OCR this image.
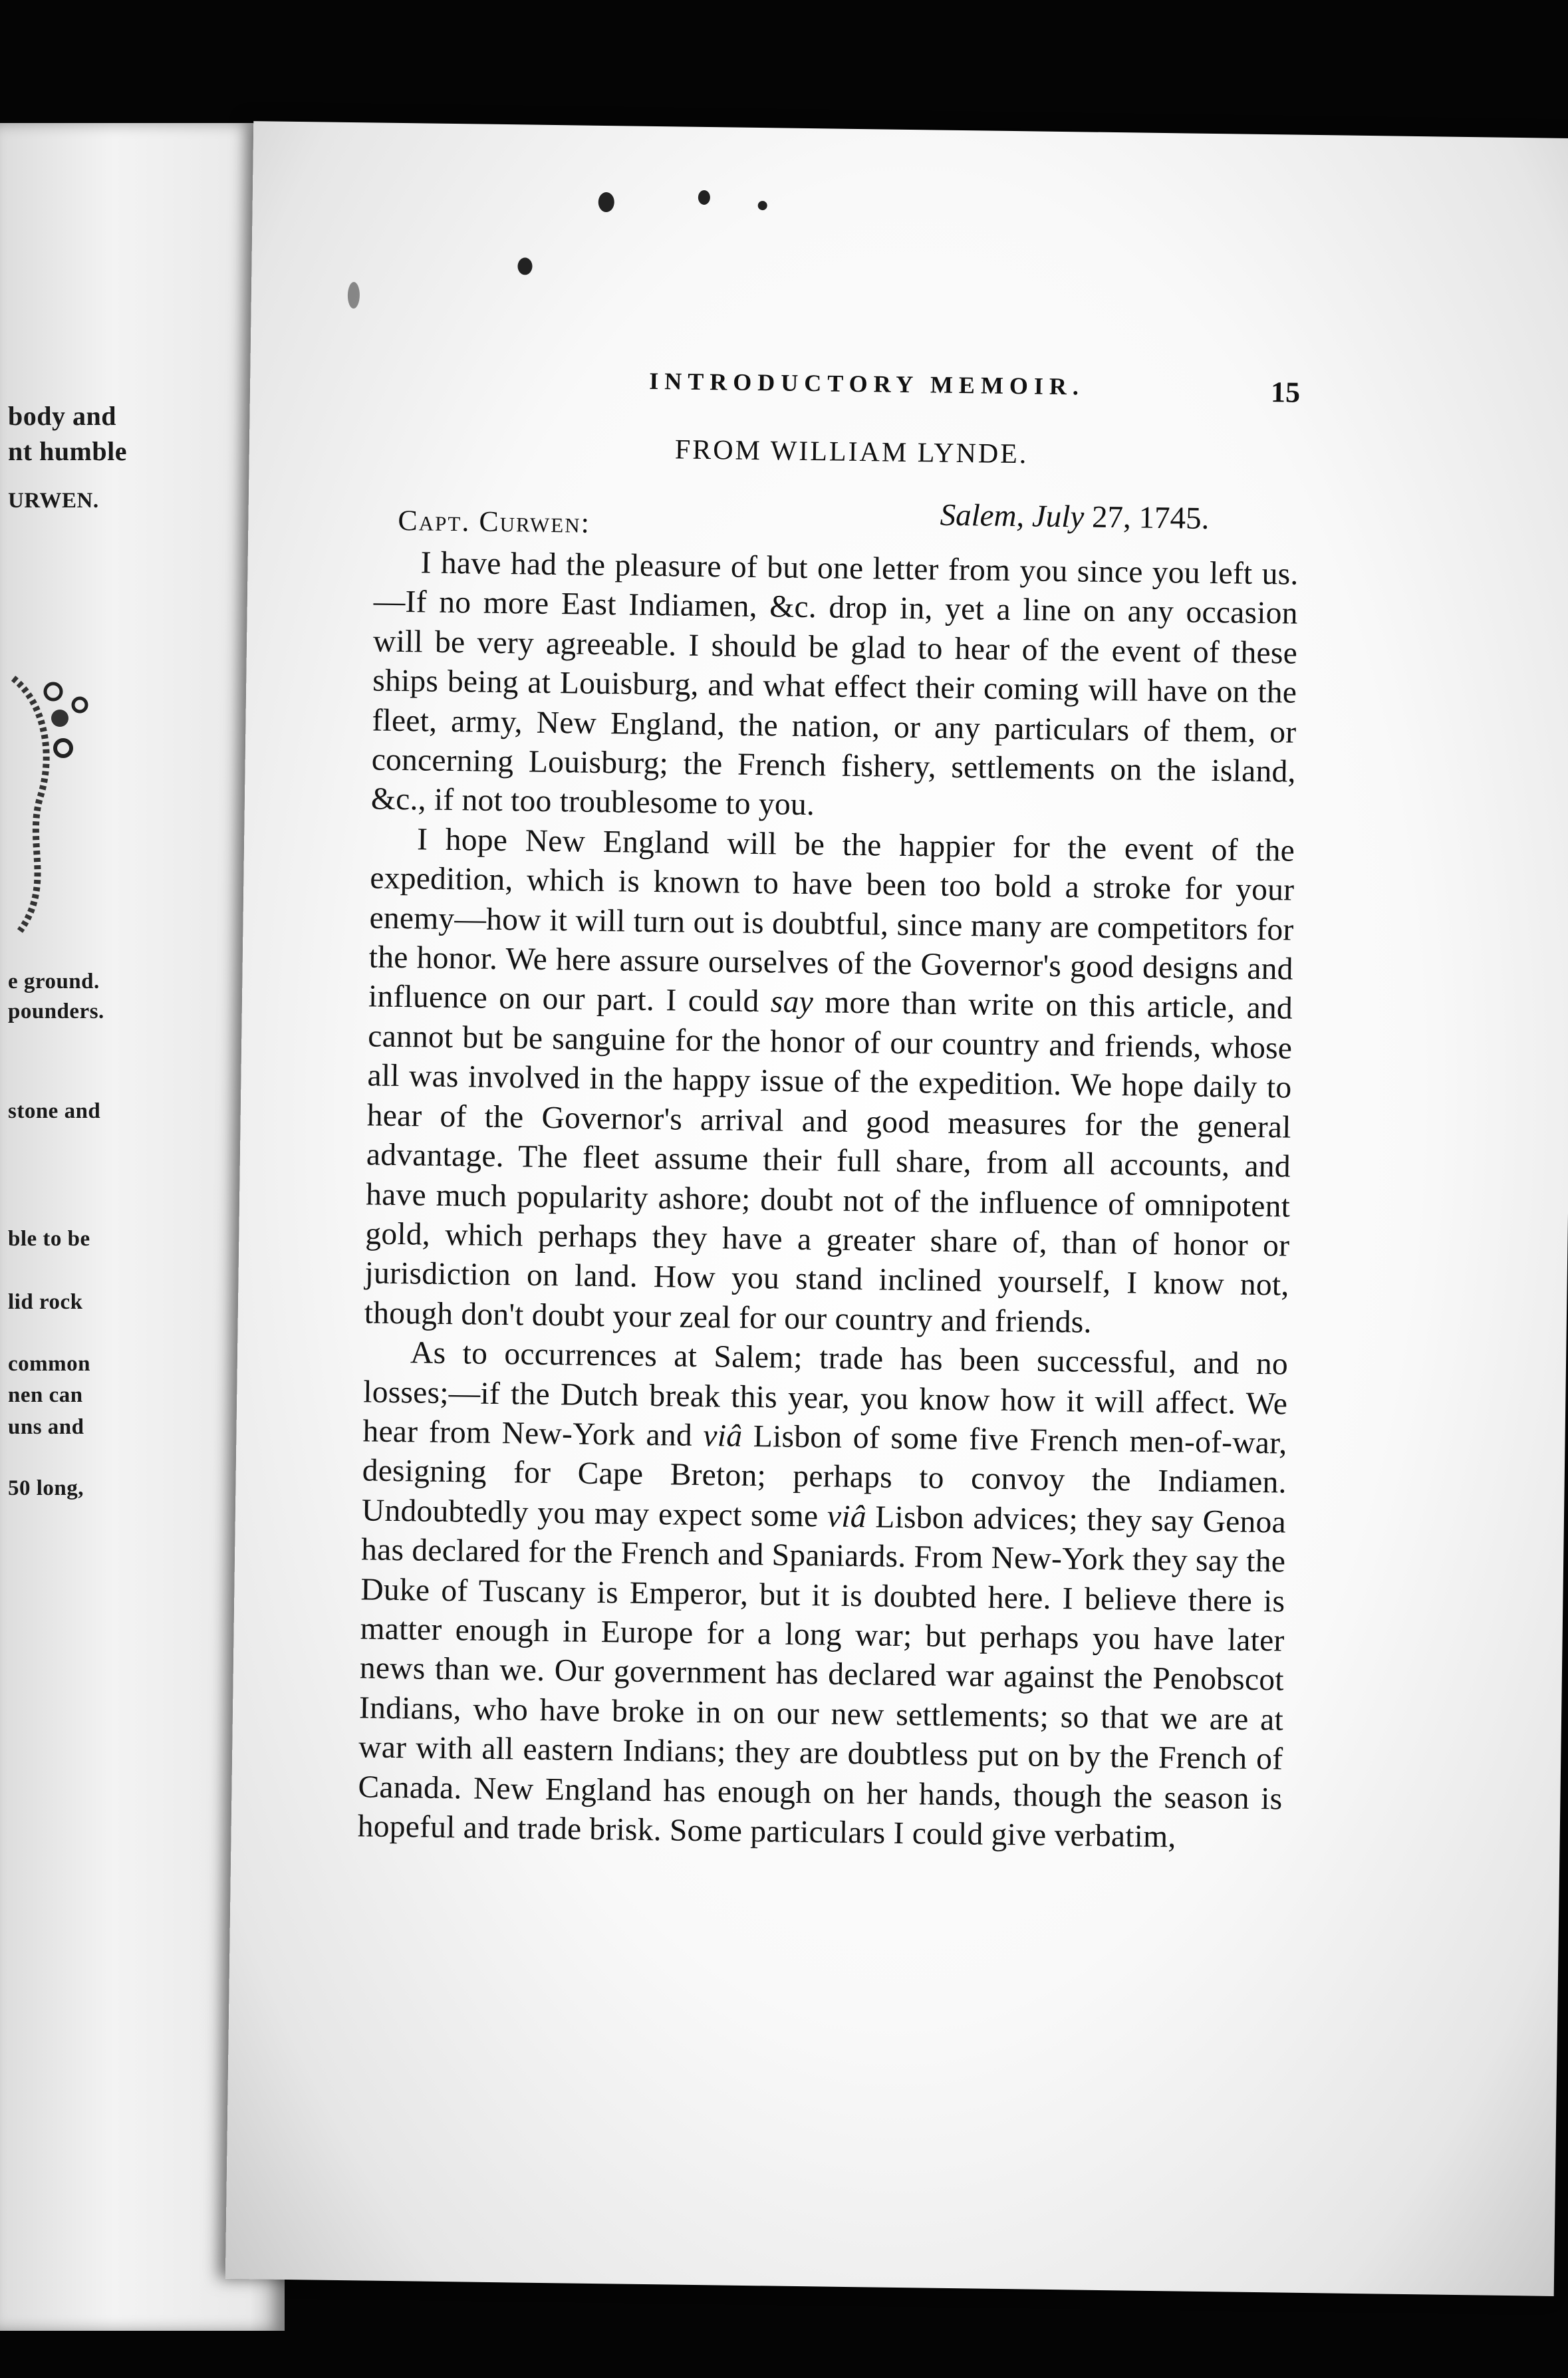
body and
nt humble
URWEN.
e ground.
pounders.
stone and
ble to be
lid rock
common
nen can
uns and
50 long,
INTRODUCTORY MEMOIR.	15
FROM WILLIAM LYNDE.
Capt. Curwen:	Salem, July 27, 1745.

I have had the pleasure of but one letter from you since you left us.—If no more East Indiamen, &c. drop in, yet a line on any occasion will be very agreeable. I should be glad to hear of the event of these ships being at Louisburg, and what effect their coming will have on the fleet, army, New England, the nation, or any particulars of them, or concerning Louisburg; the French fishery, settlements on the island, &c., if not too troublesome to you.

I hope New England will be the happier for the event of the expedition, which is known to have been too bold a stroke for your enemy—how it will turn out is doubtful, since many are competitors for the honor. We here assure ourselves of the Governor's good designs and influence on our part. I could say more than write on this article, and cannot but be sanguine for the honor of our country and friends, whose all was involved in the happy issue of the expedition. We hope daily to hear of the Governor's arrival and good measures for the general advantage. The fleet assume their full share, from all accounts, and have much popularity ashore; doubt not of the influence of omnipotent gold, which perhaps they have a greater share of, than of honor or jurisdiction on land. How you stand inclined yourself, I know not, though don't doubt your zeal for our country and friends.

As to occurrences at Salem; trade has been successful, and no losses;—if the Dutch break this year, you know how it will affect. We hear from New-York and viâ Lisbon of some five French men-of-war, designing for Cape Breton; perhaps to convoy the Indiamen. Undoubtedly you may expect some viâ Lisbon advices; they say Genoa has declared for the French and Spaniards. From New-York they say the Duke of Tuscany is Emperor, but it is doubted here. I believe there is matter enough in Europe for a long war; but perhaps you have later news than we. Our government has declared war against the Penobscot Indians, who have broke in on our new settlements; so that we are at war with all eastern Indians; they are doubtless put on by the French of Canada. New England has enough on her hands, though the season is hopeful and trade brisk. Some particulars I could give verbatim,
